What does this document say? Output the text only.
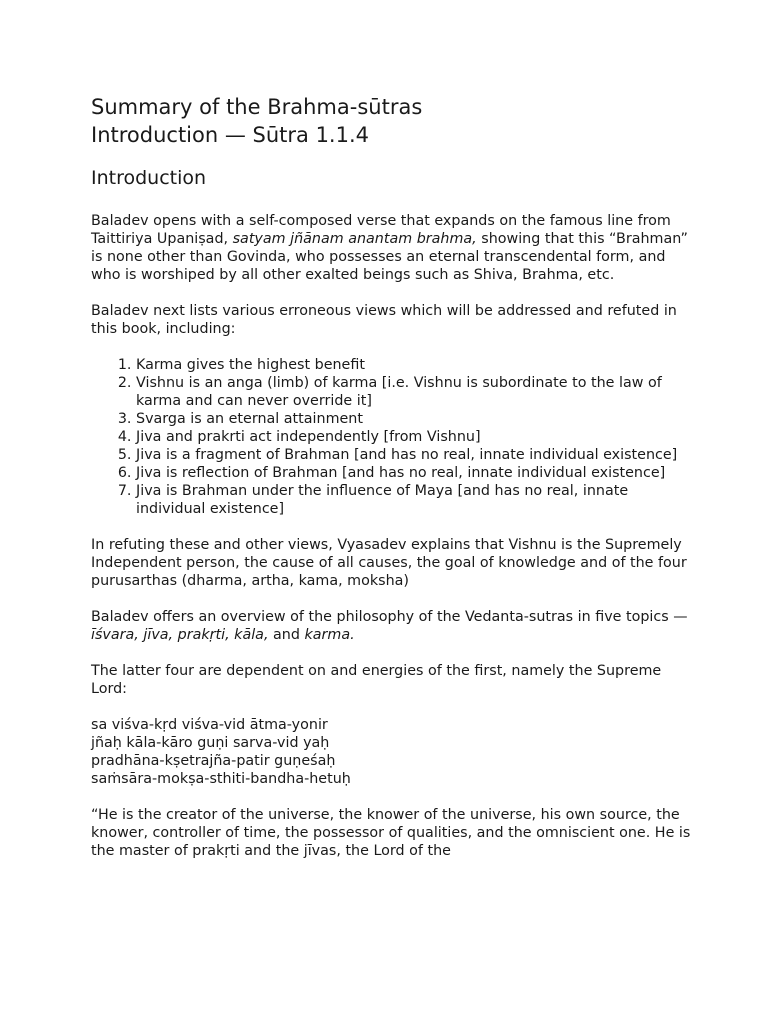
Summary of the Brahma-sūtras
Introduction — Sūtra 1.1.4
Introduction

Baladev opens with a self-composed verse that expands on the famous line from Taittiriya Upaniṣad, satyam jñānam anantam brahma, showing that this “Brahman” is none other than Govinda, who possesses an eternal transcendental form, and who is worshiped by all other exalted beings such as Shiva, Brahma, etc.

Baladev next lists various erroneous views which will be addressed and refuted in this book, including:

1. Karma gives the highest benefit
2. Vishnu is an anga (limb) of karma [i.e. Vishnu is subordinate to the law of karma and can never override it]
3. Svarga is an eternal attainment
4. Jiva and prakrti act independently [from Vishnu]
5. Jiva is a fragment of Brahman [and has no real, innate individual existence]
6. Jiva is reflection of Brahman [and has no real, innate individual existence]
7. Jiva is Brahman under the influence of Maya [and has no real, innate individual existence]

In refuting these and other views, Vyasadev explains that Vishnu is the Supremely Independent person, the cause of all causes, the goal of knowledge and of the four purusarthas (dharma, artha, kama, moksha)

Baladev offers an overview of the philosophy of the Vedanta-sutras in five topics — īśvara, jīva, prakṛti, kāla, and karma.

The latter four are dependent on and energies of the first, namely the Supreme Lord:

sa viśva-kṛd viśva-vid ātma-yonir
jñaḥ kāla-kāro guṇi sarva-vid yaḥ
pradhāna-kṣetrajña-patir guṇeśaḥ
saṁsāra-mokṣa-sthiti-bandha-hetuḥ

“He is the creator of the universe, the knower of the universe, his own source, the knower, controller of time, the possessor of qualities, and the omniscient one. He is the master of prakṛti and the jīvas, the Lord of the
